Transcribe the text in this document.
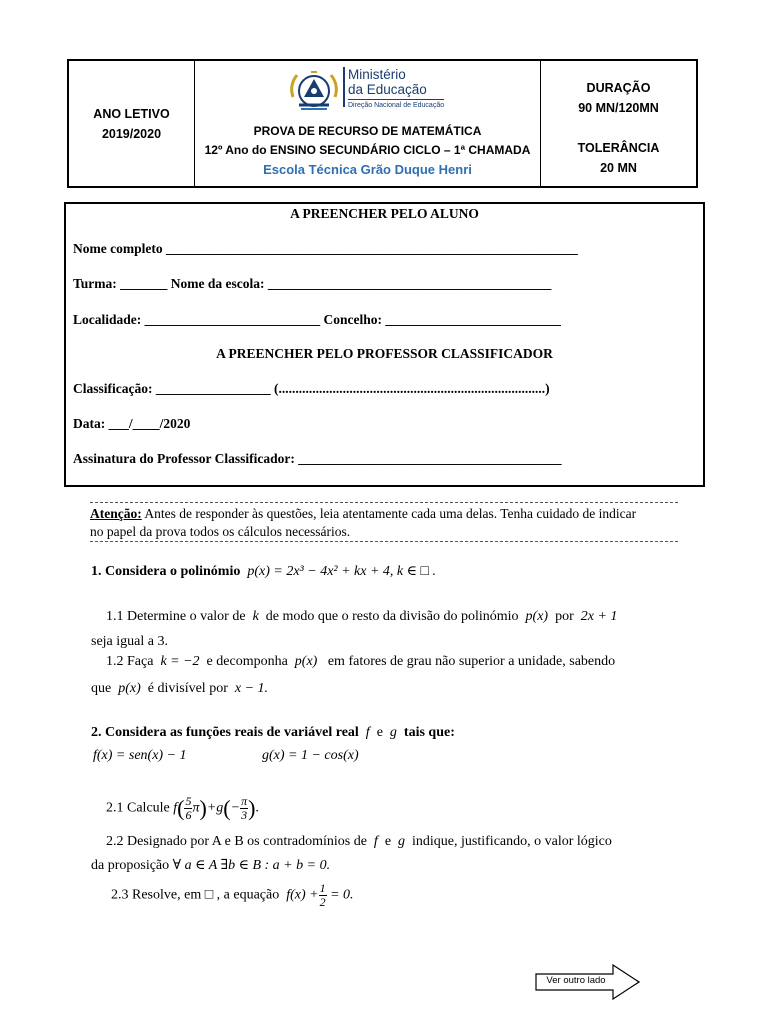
ANO LETIVO
2019/2020
Ministério
da Educação
Direção Nacional de Educação
PROVA DE RECURSO DE MATEMÁTICA
12º Ano do ENSINO SECUNDÁRIO CICLO – 1ª CHAMADA
Escola Técnica Grão Duque Henri
DURAÇÃO
90 MN/120MN
TOLERÂNCIA
20 MN
A PREENCHER PELO ALUNO
Nome completo _____________________________________________________________
Turma: _______ Nome da escola: __________________________________________
Localidade: __________________________ Concelho: __________________________
A PREENCHER PELO PROFESSOR CLASSIFICADOR
Classificação: _________________ (...............................................................................)
Data: ___/____/2020
Assinatura do Professor Classificador: _______________________________________
Atenção: Antes de responder às questões, leia atentamente cada uma delas. Tenha cuidado de indicar
no papel da prova todos os cálculos necessários.
1. Considera o polinómio p(x) = 2x³ − 4x² + kx + 4, k ∈ □ .
1.1 Determine o valor de  k  de modo que o resto da divisão do polinómio  p(x)  por  2x + 1
seja igual a 3.
1.2 Faça  k = −2  e decomponha  p(x)   em fatores de grau não superior a unidade, sabendo
que  p(x)  é divisível por  x − 1.
2. Considera as funções reais de variável real  f  e  g  tais que:
f(x) = sen(x) − 1	g(x) = 1 − cos(x)
2.1 Calcule $f( \frac{5}{6} \pi)+g(- \frac{\pi}{3}$ ).
2.2 Designado por A e B os contradomínios de  f  e  g  indique, justificando, o valor lógico
da proposição ∀ a ∈ A ∃b ∈ B : a + b = 0.
2.3 Resolve, em □ , a equação  $f(x) + \frac{1}{2} = 0$.
Ver outro lado
